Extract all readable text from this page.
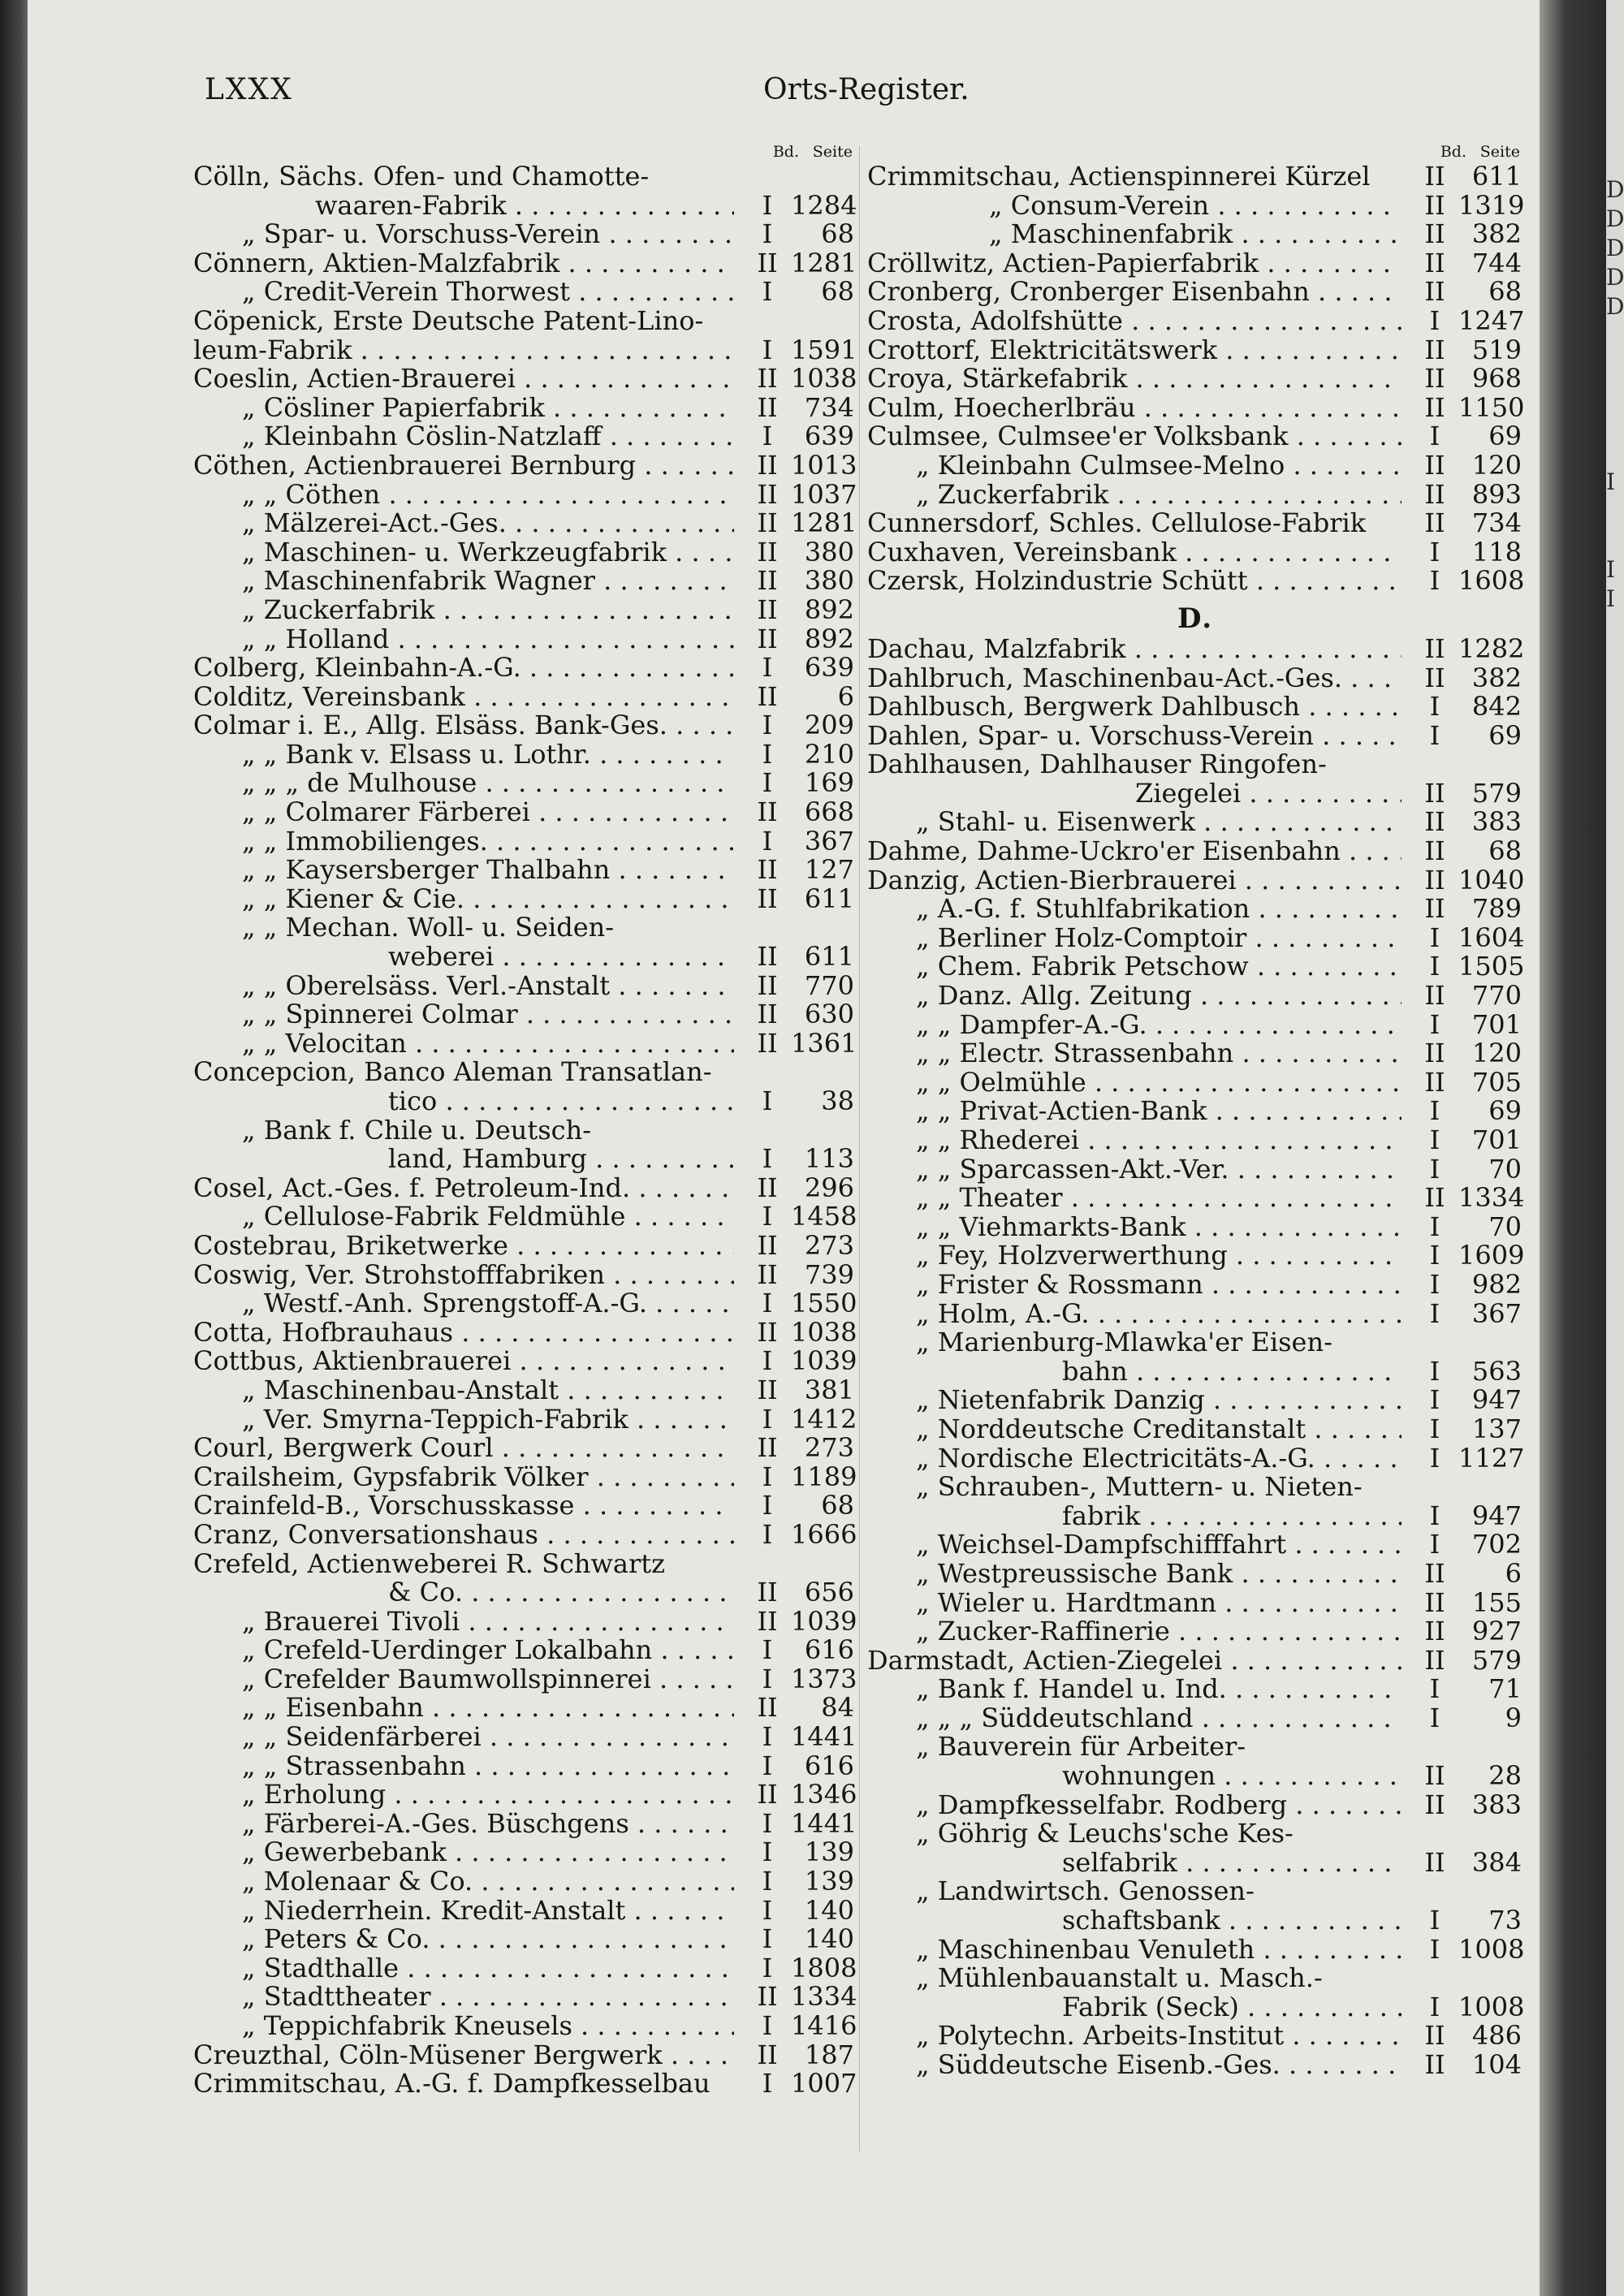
D
D
D
D
D
I
I
I
LXXX	Orts-Register.
Bd. Seite
Cölln, Sächs. Ofen- und Chamotte-
waaren-Fabrik . . .	I 1284
„ Spar- u. Vorschuss-Verein . . .	I	68
Cönnern, Aktien-Malzfabrik . . .	II 1281
„ Credit-Verein Thorwest . . .	I	68
Cöpenick, Erste Deutsche Patent-Lino-
leum-Fabrik . . .	I 1591
Coeslin, Actien-Brauerei . . .	II 1038
„ Cösliner Papierfabrik . . .	II	734
„ Kleinbahn Cöslin-Natzlaff . . .	I	639
Cöthen, Actienbrauerei Bernburg . . .	II 1013
„ „ Cöthen . . .	II 1037
„ Mälzerei-Act.-Ges. . . .	II 1281
„ Maschinen- u. Werkzeugfabrik . . .	II	380
„ Maschinenfabrik Wagner . . .	II	380
„ Zuckerfabrik . . .	II	892
„ „ Holland . . .	II	892
Colberg, Kleinbahn-A.-G. . . .	I	639
Colditz, Vereinsbank . . .	II	6
Colmar i. E., Allg. Elsäss. Bank-Ges. . . .	I	209
„ „ Bank v. Elsass u. Lothr. . . .	I	210
„ „ „ de Mulhouse . . .	I	169
„ „ Colmarer Färberei . . .	II	668
„ „ Immobilienges. . . .	I	367
„ „ Kaysersberger Thalbahn . . .	II	127
„ „ Kiener & Cie. . . .	II	611
„ „ Mechan. Woll- u. Seiden-
weberei . . .	II	611
„ „ Oberelsäss. Verl.-Anstalt . . .	II	770
„ „ Spinnerei Colmar . . .	II	630
„ „ Velocitan . . .	II 1361
Concepcion, Banco Aleman Transatlan-
tico . . .	I	38
„ Bank f. Chile u. Deutsch-
land, Hamburg . . .	I	113
Cosel, Act.-Ges. f. Petroleum-Ind. . . .	II	296
„ Cellulose-Fabrik Feldmühle . . .	I 1458
Costebrau, Briketwerke . . .	II	273
Coswig, Ver. Strohstofffabriken . . .	II	739
„ Westf.-Anh. Sprengstoff-A.-G. . . .	I 1550
Cotta, Hofbrauhaus . . .	II 1038
Cottbus, Aktienbrauerei . . .	I 1039
„ Maschinenbau-Anstalt . . .	II	381
„ Ver. Smyrna-Teppich-Fabrik . . .	I 1412
Courl, Bergwerk Courl . . .	II	273
Crailsheim, Gypsfabrik Völker . . .	I 1189
Crainfeld-B., Vorschusskasse . . .	I	68
Cranz, Conversationshaus . . .	I 1666
Crefeld, Actienweberei R. Schwartz
& Co. . . .	II	656
„ Brauerei Tivoli . . .	II 1039
„ Crefeld-Uerdinger Lokalbahn . . .	I	616
„ Crefelder Baumwollspinnerei . . .	I 1373
„ „ Eisenbahn . . .	II	84
„ „ Seidenfärberei . . .	I 1441
„ „ Strassenbahn . . .	I	616
„ Erholung . . .	II 1346
„ Färberei-A.-Ges. Büschgens . . .	I 1441
„ Gewerbebank . . .	I	139
„ Molenaar & Co. . . .	I	139
„ Niederrhein. Kredit-Anstalt . . .	I	140
„ Peters & Co. . . .	I	140
„ Stadthalle . . .	I 1808
„ Stadttheater . . .	II 1334
„ Teppichfabrik Kneusels . . .	I 1416
Creuzthal, Cöln-Müsener Bergwerk . . .	II	187
Crimmitschau, A.-G. f. Dampfkesselbau	I 1007
Bd. Seite
Crimmitschau, Actienspinnerei Kürzel	II	611
„ Consum-Verein . . .	II 1319
„ Maschinenfabrik . . .	II	382
Cröllwitz, Actien-Papierfabrik . . .	II	744
Cronberg, Cronberger Eisenbahn . . .	II	68
Crosta, Adolfshütte . . .	I 1247
Crottorf, Elektricitätswerk . . .	II	519
Croya, Stärkefabrik . . .	II	968
Culm, Hoecherlbräu . . .	II 1150
Culmsee, Culmsee'er Volksbank . . .	I	69
„ Kleinbahn Culmsee-Melno . . .	II	120
„ Zuckerfabrik . . .	II	893
Cunnersdorf, Schles. Cellulose-Fabrik	II	734
Cuxhaven, Vereinsbank . . .	I	118
Czersk, Holzindustrie Schütt . . .	I 1608
D.
Dachau, Malzfabrik . . .	II 1282
Dahlbruch, Maschinenbau-Act.-Ges. . . .	II	382
Dahlbusch, Bergwerk Dahlbusch . . .	I	842
Dahlen, Spar- u. Vorschuss-Verein . . .	I	69
Dahlhausen, Dahlhauser Ringofen-
Ziegelei . . .	II	579
„ Stahl- u. Eisenwerk . . .	II	383
Dahme, Dahme-Uckro'er Eisenbahn . . .	II	68
Danzig, Actien-Bierbrauerei . . .	II 1040
„ A.-G. f. Stuhlfabrikation . . .	II	789
„ Berliner Holz-Comptoir . . .	I 1604
„ Chem. Fabrik Petschow . . .	I 1505
„ Danz. Allg. Zeitung . . .	II	770
„ „ Dampfer-A.-G. . . .	I	701
„ „ Electr. Strassenbahn . . .	II	120
„ „ Oelmühle . . .	II	705
„ „ Privat-Actien-Bank . . .	I	69
„ „ Rhederei . . .	I	701
„ „ Sparcassen-Akt.-Ver. . . .	I	70
„ „ Theater . . .	II 1334
„ „ Viehmarkts-Bank . . .	I	70
„ Fey, Holzverwerthung . . .	I 1609
„ Frister & Rossmann . . .	I	982
„ Holm, A.-G. . . .	I	367
„ Marienburg-Mlawka'er Eisen-
bahn . . .	I	563
„ Nietenfabrik Danzig . . .	I	947
„ Norddeutsche Creditanstalt . . .	I	137
„ Nordische Electricitäts-A.-G. . . .	I 1127
„ Schrauben-, Muttern- u. Nieten-
fabrik . . .	I	947
„ Weichsel-Dampfschifffahrt . . .	I	702
„ Westpreussische Bank . . .	II	6
„ Wieler u. Hardtmann . . .	II	155
„ Zucker-Raffinerie . . .	II	927
Darmstadt, Actien-Ziegelei . . .	II	579
„ Bank f. Handel u. Ind. . . .	I	71
„ „ „ Süddeutschland . . .	I	9
„ Bauverein für Arbeiter-
wohnungen . . .	II	28
„ Dampfkesselfabr. Rodberg . . .	II	383
„ Göhrig & Leuchs'sche Kes-
selfabrik . . .	II	384
„ Landwirtsch. Genossen-
schaftsbank . . .	I	73
„ Maschinenbau Venuleth . . .	I 1008
„ Mühlenbauanstalt u. Masch.-
Fabrik (Seck) . . .	I 1008
„ Polytechn. Arbeits-Institut . . .	II	486
„ Süddeutsche Eisenb.-Ges. . . .	II	104
